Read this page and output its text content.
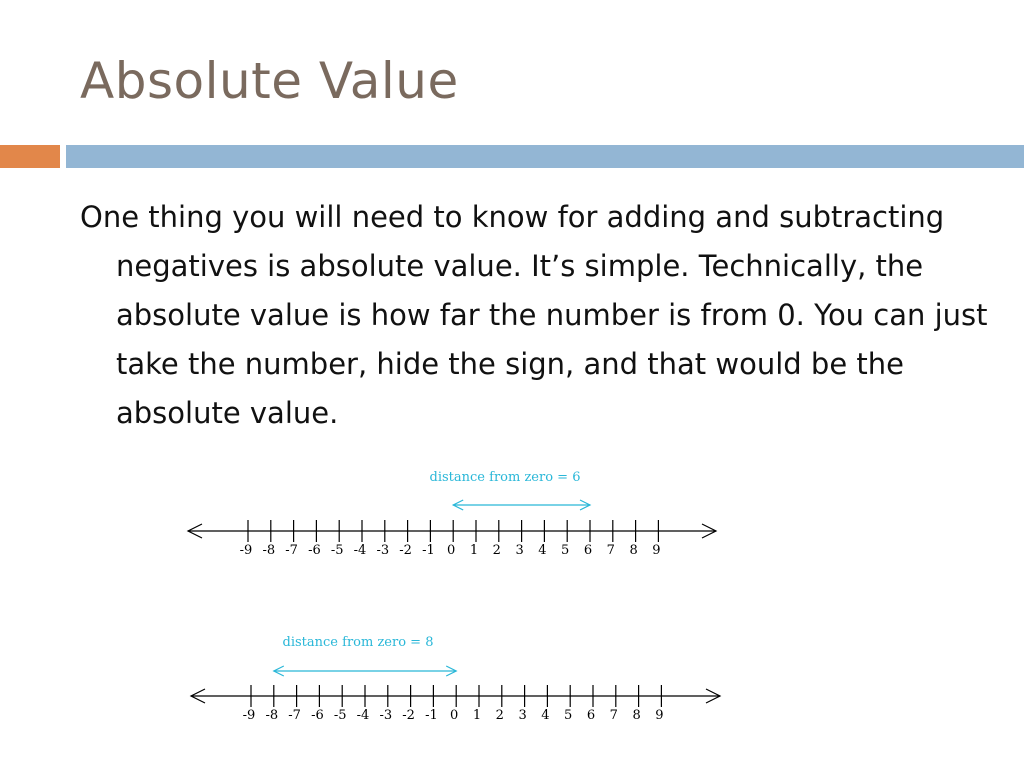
Absolute Value

One thing you will need to know for adding and subtracting negatives is absolute value. It’s simple. Technically, the absolute value is how far the number is from 0. You can just take the number, hide the sign, and that would be the absolute value.

-9 -8 -7 -6 -5 -4 -3 -2 -1 0 1 2 3 4 5 6 7 8 9
distance from zero = 6
-9 -8 -7 -6 -5 -4 -3 -2 -1 0 1 2 3 4 5 6 7 8 9
distance from zero = 8
